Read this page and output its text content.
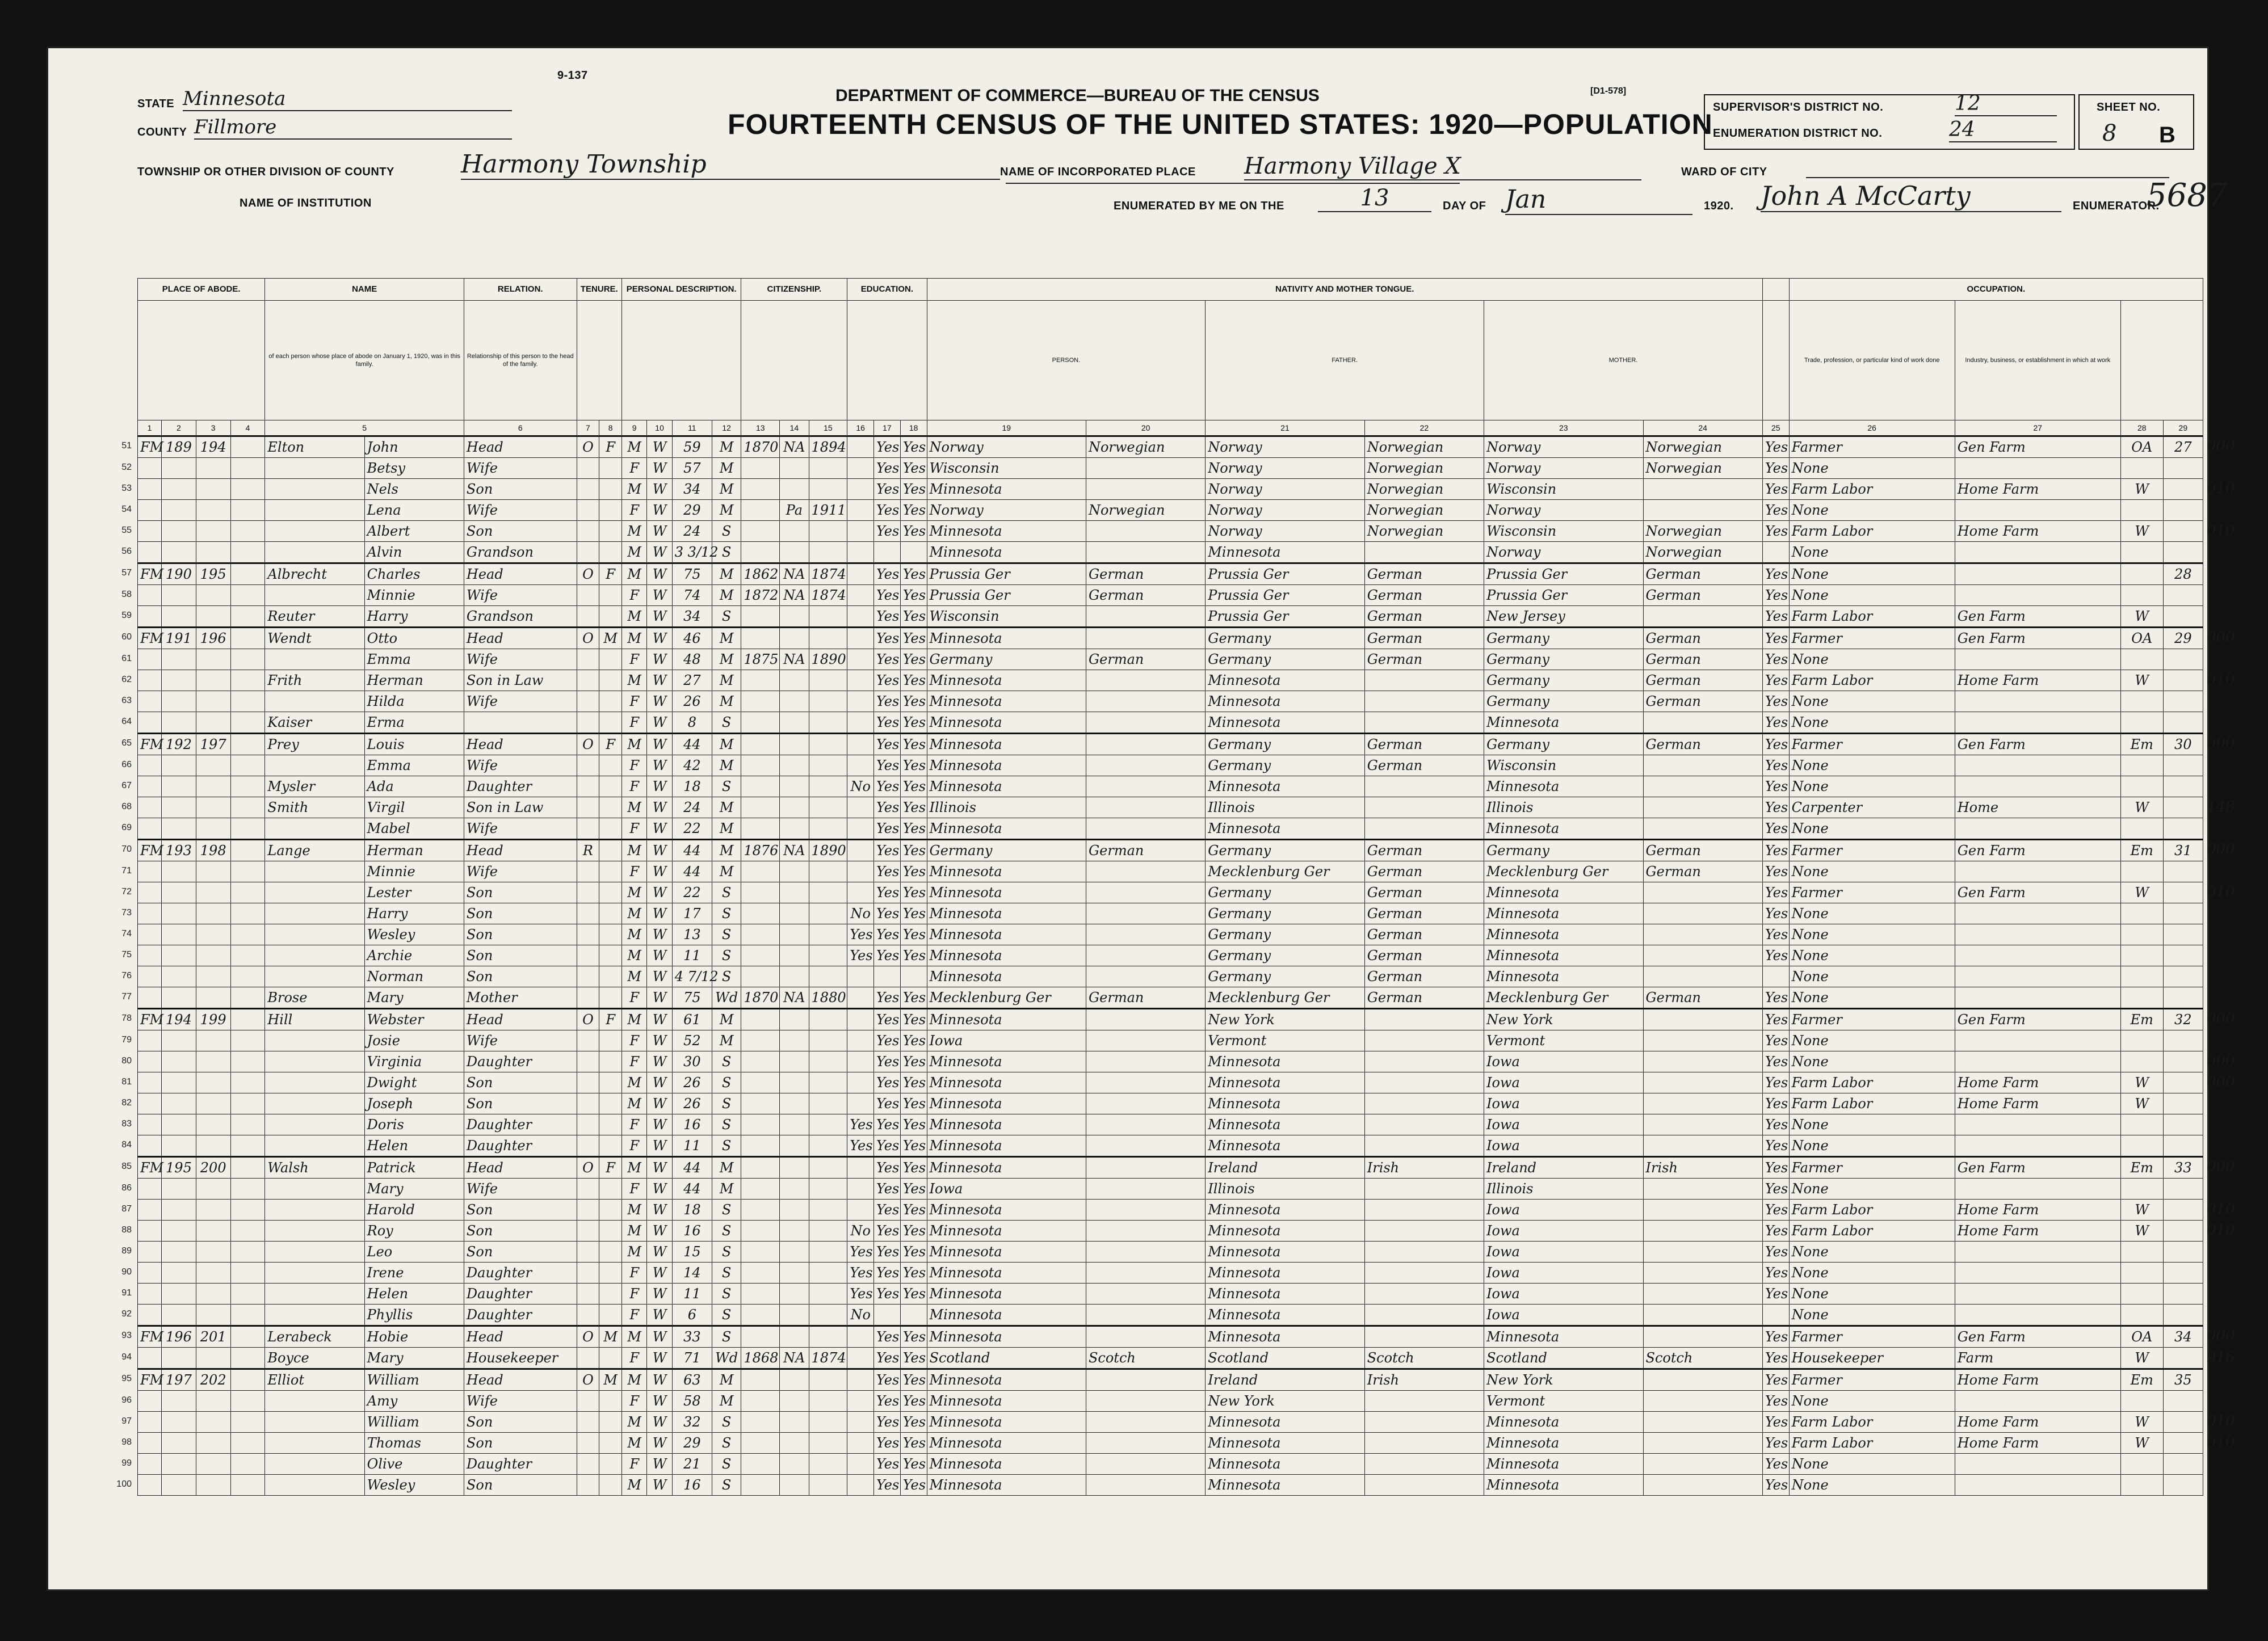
STATE Minnesota
COUNTY Fillmore
TOWNSHIP OR OTHER DIVISION OF COUNTY	Harmony Township
NAME OF INSTITUTION
9-137
DEPARTMENT OF COMMERCE—BUREAU OF THE CENSUS	[D1-578]
FOURTEENTH CENSUS OF THE UNITED STATES: 1920—POPULATION
NAME OF INCORPORATED PLACE Harmony Village X	WARD OF CITY
ENUMERATED BY ME ON THE	13	DAY OF Jan	1920. John A McCarty	ENUMERATOR.
5687
SUPERVISOR'S DISTRICT NO.	12
ENUMERATION DISTRICT NO.	24
SHEET NO.
8 B
PLACE OF ABODE.				NAME		RELATION.	TENURE.		PERSONAL DESCRIPTION.				CITIZENSHIP.			EDUCATION.			NATIVITY AND MOTHER TONGUE.							OCCUPATION.			
				of each person whose place of abode on January 1, 1920, was in this family.		Relationship of this person to the head of the family.													PERSON.		FATHER.		MOTHER.			Trade, profession, or particular kind of work done	Industry, business, or establishment in which at work		
1	2	3	4	5		6	7	8	9	10	11	12	13	14	15	16	17	18	19	20	21	22	23	24	25	26	27	28	29
FM	189	194		Elton	John	Head	O	F	M	W	59	M	1870	NA	1894		Yes	Yes	Norway	Norwegian	Norway	Norwegian	Norway	Norwegian	Yes	Farmer	Gen Farm	OA	27
					Betsy	Wife			F	W	57	M					Yes	Yes	Wisconsin		Norway	Norwegian	Norway	Norwegian	Yes	None			
					Nels	Son			M	W	34	M					Yes	Yes	Minnesota		Norway	Norwegian	Wisconsin		Yes	Farm Labor	Home Farm	W	
					Lena	Wife			F	W	29	M		Pa	1911		Yes	Yes	Norway	Norwegian	Norway	Norwegian	Norway		Yes	None			
					Albert	Son			M	W	24	S					Yes	Yes	Minnesota		Norway	Norwegian	Wisconsin	Norwegian	Yes	Farm Labor	Home Farm	W	
					Alvin	Grandson			M	W	3 3/12	S							Minnesota		Minnesota		Norway	Norwegian		None			
FM	190	195		Albrecht	Charles	Head	O	F	M	W	75	M	1862	NA	1874		Yes	Yes	Prussia Ger	German	Prussia Ger	German	Prussia Ger	German	Yes	None			28
					Minnie	Wife			F	W	74	M	1872	NA	1874		Yes	Yes	Prussia Ger	German	Prussia Ger	German	Prussia Ger	German	Yes	None			
				Reuter	Harry	Grandson			M	W	34	S					Yes	Yes	Wisconsin		Prussia Ger	German	New Jersey		Yes	Farm Labor	Gen Farm	W	
FM	191	196		Wendt	Otto	Head	O	M	M	W	46	M					Yes	Yes	Minnesota		Germany	German	Germany	German	Yes	Farmer	Gen Farm	OA	29
					Emma	Wife			F	W	48	M	1875	NA	1890		Yes	Yes	Germany	German	Germany	German	Germany	German	Yes	None			
				Frith	Herman	Son in Law			M	W	27	M					Yes	Yes	Minnesota		Minnesota		Germany	German	Yes	Farm Labor	Home Farm	W	
					Hilda	Wife			F	W	26	M					Yes	Yes	Minnesota		Minnesota		Germany	German	Yes	None			
				Kaiser	Erma				F	W	8	S					Yes	Yes	Minnesota		Minnesota		Minnesota		Yes	None			
FM	192	197		Prey	Louis	Head	O	F	M	W	44	M					Yes	Yes	Minnesota		Germany	German	Germany	German	Yes	Farmer	Gen Farm	Em	30
					Emma	Wife			F	W	42	M					Yes	Yes	Minnesota		Germany	German	Wisconsin		Yes	None			
				Mysler	Ada	Daughter			F	W	18	S				No	Yes	Yes	Minnesota		Minnesota		Minnesota		Yes	None			
				Smith	Virgil	Son in Law			M	W	24	M					Yes	Yes	Illinois		Illinois		Illinois		Yes	Carpenter	Home	W	
					Mabel	Wife			F	W	22	M					Yes	Yes	Minnesota		Minnesota		Minnesota		Yes	None			
FM	193	198		Lange	Herman	Head	R		M	W	44	M	1876	NA	1890		Yes	Yes	Germany	German	Germany	German	Germany	German	Yes	Farmer	Gen Farm	Em	31
					Minnie	Wife			F	W	44	M					Yes	Yes	Minnesota		Mecklenburg Ger	German	Mecklenburg Ger	German	Yes	None			
					Lester	Son			M	W	22	S					Yes	Yes	Minnesota		Germany	German	Minnesota		Yes	Farmer	Gen Farm	W	
					Harry	Son			M	W	17	S				No	Yes	Yes	Minnesota		Germany	German	Minnesota		Yes	None			
					Wesley	Son			M	W	13	S				Yes	Yes	Yes	Minnesota		Germany	German	Minnesota		Yes	None			
					Archie	Son			M	W	11	S				Yes	Yes	Yes	Minnesota		Germany	German	Minnesota		Yes	None			
					Norman	Son			M	W	4 7/12	S							Minnesota		Germany	German	Minnesota			None			
				Brose	Mary	Mother			F	W	75	Wd	1870	NA	1880		Yes	Yes	Mecklenburg Ger	German	Mecklenburg Ger	German	Mecklenburg Ger	German	Yes	None			
FM	194	199		Hill	Webster	Head	O	F	M	W	61	M					Yes	Yes	Minnesota		New York		New York		Yes	Farmer	Gen Farm	Em	32
					Josie	Wife			F	W	52	M					Yes	Yes	Iowa		Vermont		Vermont		Yes	None			
					Virginia	Daughter			F	W	30	S					Yes	Yes	Minnesota		Minnesota		Iowa		Yes	None			
					Dwight	Son			M	W	26	S					Yes	Yes	Minnesota		Minnesota		Iowa		Yes	Farm Labor	Home Farm	W	
					Joseph	Son			M	W	26	S					Yes	Yes	Minnesota		Minnesota		Iowa		Yes	Farm Labor	Home Farm	W	
					Doris	Daughter			F	W	16	S				Yes	Yes	Yes	Minnesota		Minnesota		Iowa		Yes	None			
					Helen	Daughter			F	W	11	S				Yes	Yes	Yes	Minnesota		Minnesota		Iowa		Yes	None			
FM	195	200		Walsh	Patrick	Head	O	F	M	W	44	M					Yes	Yes	Minnesota		Ireland	Irish	Ireland	Irish	Yes	Farmer	Gen Farm	Em	33
					Mary	Wife			F	W	44	M					Yes	Yes	Iowa		Illinois		Illinois		Yes	None			
					Harold	Son			M	W	18	S					Yes	Yes	Minnesota		Minnesota		Iowa		Yes	Farm Labor	Home Farm	W	
					Roy	Son			M	W	16	S				No	Yes	Yes	Minnesota		Minnesota		Iowa		Yes	Farm Labor	Home Farm	W	
					Leo	Son			M	W	15	S				Yes	Yes	Yes	Minnesota		Minnesota		Iowa		Yes	None			
					Irene	Daughter			F	W	14	S				Yes	Yes	Yes	Minnesota		Minnesota		Iowa		Yes	None			
					Helen	Daughter			F	W	11	S				Yes	Yes	Yes	Minnesota		Minnesota		Iowa		Yes	None			
					Phyllis	Daughter			F	W	6	S				No			Minnesota		Minnesota		Iowa			None			
FM	196	201		Lerabeck	Hobie	Head	O	M	M	W	33	S					Yes	Yes	Minnesota		Minnesota		Minnesota		Yes	Farmer	Gen Farm	OA	34
				Boyce	Mary	Housekeeper			F	W	71	Wd	1868	NA	1874		Yes	Yes	Scotland	Scotch	Scotland	Scotch	Scotland	Scotch	Yes	Housekeeper	Farm	W	
FM	197	202		Elliot	William	Head	O	M	M	W	63	M					Yes	Yes	Minnesota		Ireland	Irish	New York		Yes	Farmer	Home Farm	Em	35
					Amy	Wife			F	W	58	M					Yes	Yes	Minnesota		New York		Vermont		Yes	None			
					William	Son			M	W	32	S					Yes	Yes	Minnesota		Minnesota		Minnesota		Yes	Farm Labor	Home Farm	W	
					Thomas	Son			M	W	29	S					Yes	Yes	Minnesota		Minnesota		Minnesota		Yes	Farm Labor	Home Farm	W	
					Olive	Daughter			F	W	21	S					Yes	Yes	Minnesota		Minnesota		Minnesota		Yes	None			
					Wesley	Son			M	W	16	S					Yes	Yes	Minnesota		Minnesota		Minnesota		Yes	None			
51	000
52
53	010
54
55	010
56
57
58
59
60	000
61
62	010
63
64
65	000
66
67
68	148
69
70	000
71
72	010
73
74
75
76
77
78	000
79
80	000
81	000
82
83
84
85	000
86
87	010
88	010
89
90
91
92
93	000
94	916
95
96
97	010
98	010
99
100
